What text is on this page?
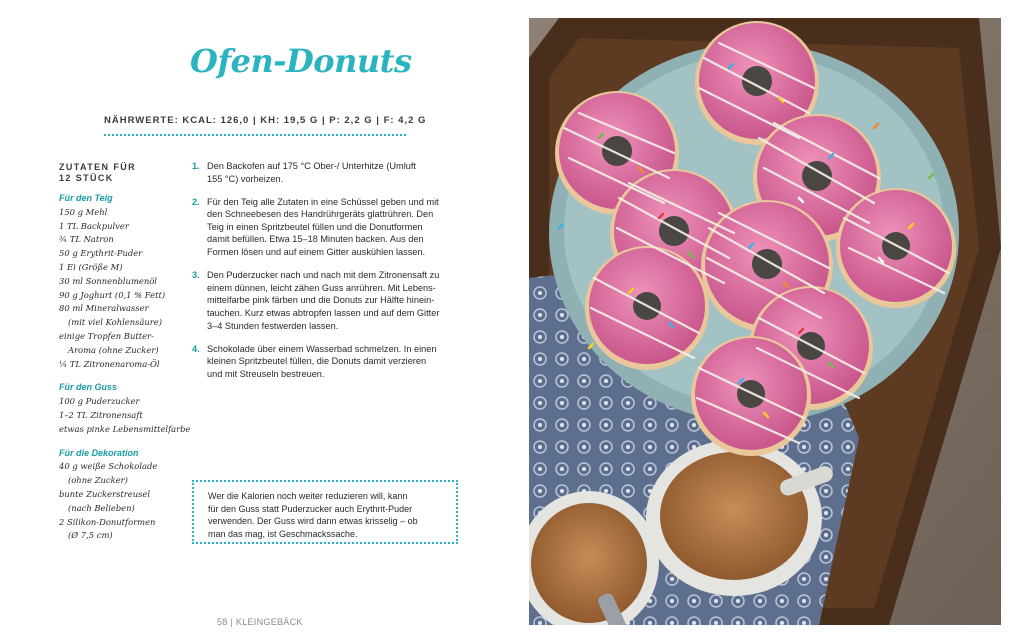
Ofen-Donuts
NÄHRWERTE: KCAL: 126,0 | KH: 19,5 G | P: 2,2 G | F: 4,2 G
ZUTATEN FÜR
12 STÜCK
Für den Teig
150 g Mehl
1 TL Backpulver
¾ TL Natron
50 g Erythrit-Puder
1 Ei (Größe M)
30 ml Sonnenblumenöl
90 g Joghurt (0,1 % Fett)
80 ml Mineralwasser
(mit viel Kohlensäure)
einige Tropfen Butter-
Aroma (ohne Zucker)
¼ TL Zitronenaroma-Öl
Für den Guss
100 g Puderzucker
1–2 TL Zitronensaft
etwas pinke Lebensmittelfarbe
Für die Dekoration
40 g weiße Schokolade
(ohne Zucker)
bunte Zuckerstreusel
(nach Belieben)
2 Silikon-Donutformen
(Ø 7,5 cm)
1. Den Backofen auf 175 °C Ober-/ Unterhitze (Umluft
155 °C) vorheizen.
2. Für den Teig alle Zutaten in eine Schüssel geben und mit
den Schneebesen des Handrührgeräts glattrühren. Den
Teig in einen Spritzbeutel füllen und die Donutformen
damit befüllen. Etwa 15–18 Minuten backen. Aus den
Formen lösen und auf einem Gitter auskühlen lassen.
3. Den Puderzucker nach und nach mit dem Zitronensaft zu
einem dünnen, leicht zähen Guss anrühren. Mit Lebens-
mittelfarbe pink färben und die Donuts zur Hälfte hinein-
tauchen. Kurz etwas abtropfen lassen und auf dem Gitter
3–4 Stunden festwerden lassen.
4. Schokolade über einem Wasserbad schmelzen. In einen
kleinen Spritzbeutel füllen, die Donuts damit verzieren
und mit Streuseln bestreuen.
Wer die Kalorien noch weiter reduzieren will, kann
für den Guss statt Puderzucker auch Erythrit-Puder
verwenden. Der Guss wird dann etwas krisselig – ob
man das mag, ist Geschmackssache.
58 | KLEINGEBÄCK
